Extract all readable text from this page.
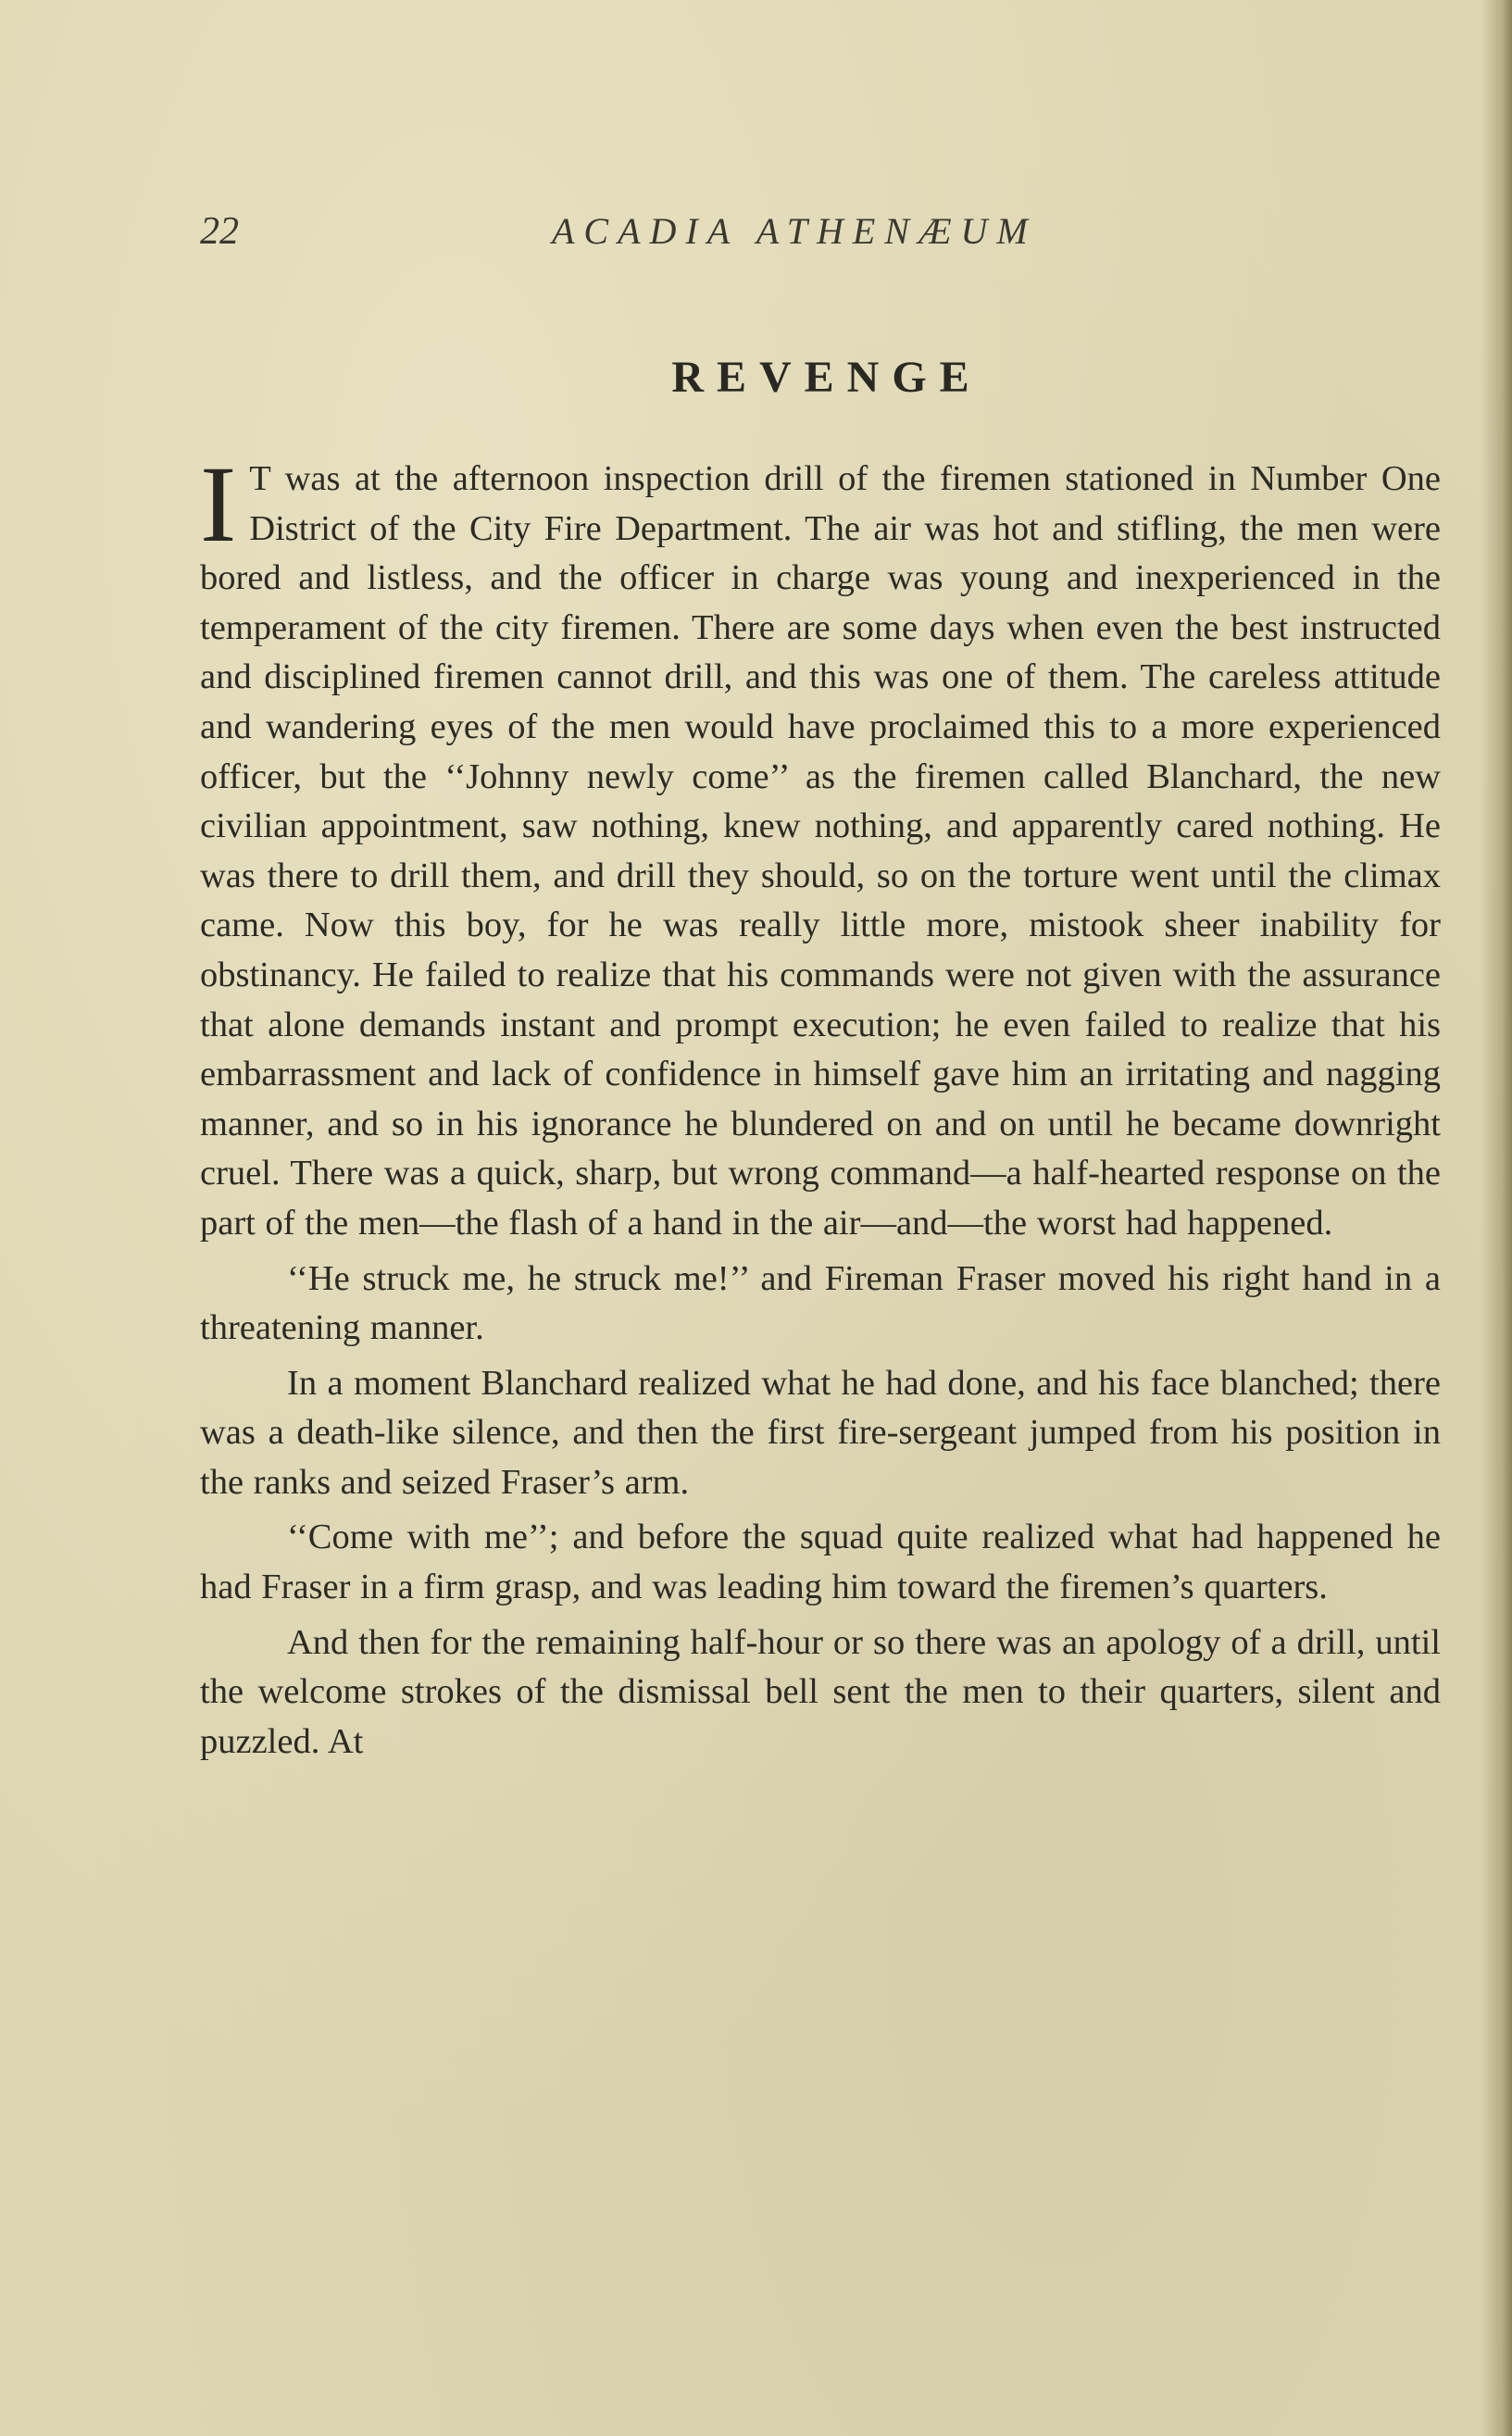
22	ACADIA ATHENÆUM
REVENGE

I T was at the afternoon inspection drill of the firemen stationed in Number One District of the City Fire Department. The air was hot and stifling, the men were bored and listless, and the officer in charge was young and inexperienced in the temperament of the city firemen. There are some days when even the best instructed and disciplined firemen cannot drill, and this was one of them. The careless attitude and wandering eyes of the men would have proclaimed this to a more experienced officer, but the ‘‘Johnny newly come’’ as the firemen called Blanchard, the new civilian appointment, saw nothing, knew nothing, and apparently cared nothing. He was there to drill them, and drill they should, so on the torture went until the climax came. Now this boy, for he was really little more, mistook sheer inability for obstinancy. He failed to realize that his commands were not given with the assurance that alone demands instant and prompt execution; he even failed to realize that his embarrassment and lack of confidence in himself gave him an irritating and nagging manner, and so in his ignorance he blundered on and on until he became downright cruel. There was a quick, sharp, but wrong command—a half-hearted response on the part of the men—the flash of a hand in the air—and—the worst had happened.

‘‘He struck me, he struck me!’’ and Fireman Fraser moved his right hand in a threatening manner.

In a moment Blanchard realized what he had done, and his face blanched; there was a death-like silence, and then the first fire-sergeant jumped from his position in the ranks and seized Fraser’s arm.

‘‘Come with me’’; and before the squad quite realized what had happened he had Fraser in a firm grasp, and was leading him toward the firemen’s quarters.

And then for the remaining half-hour or so there was an apology of a drill, until the welcome strokes of the dismissal bell sent the men to their quarters, silent and puzzled. At
